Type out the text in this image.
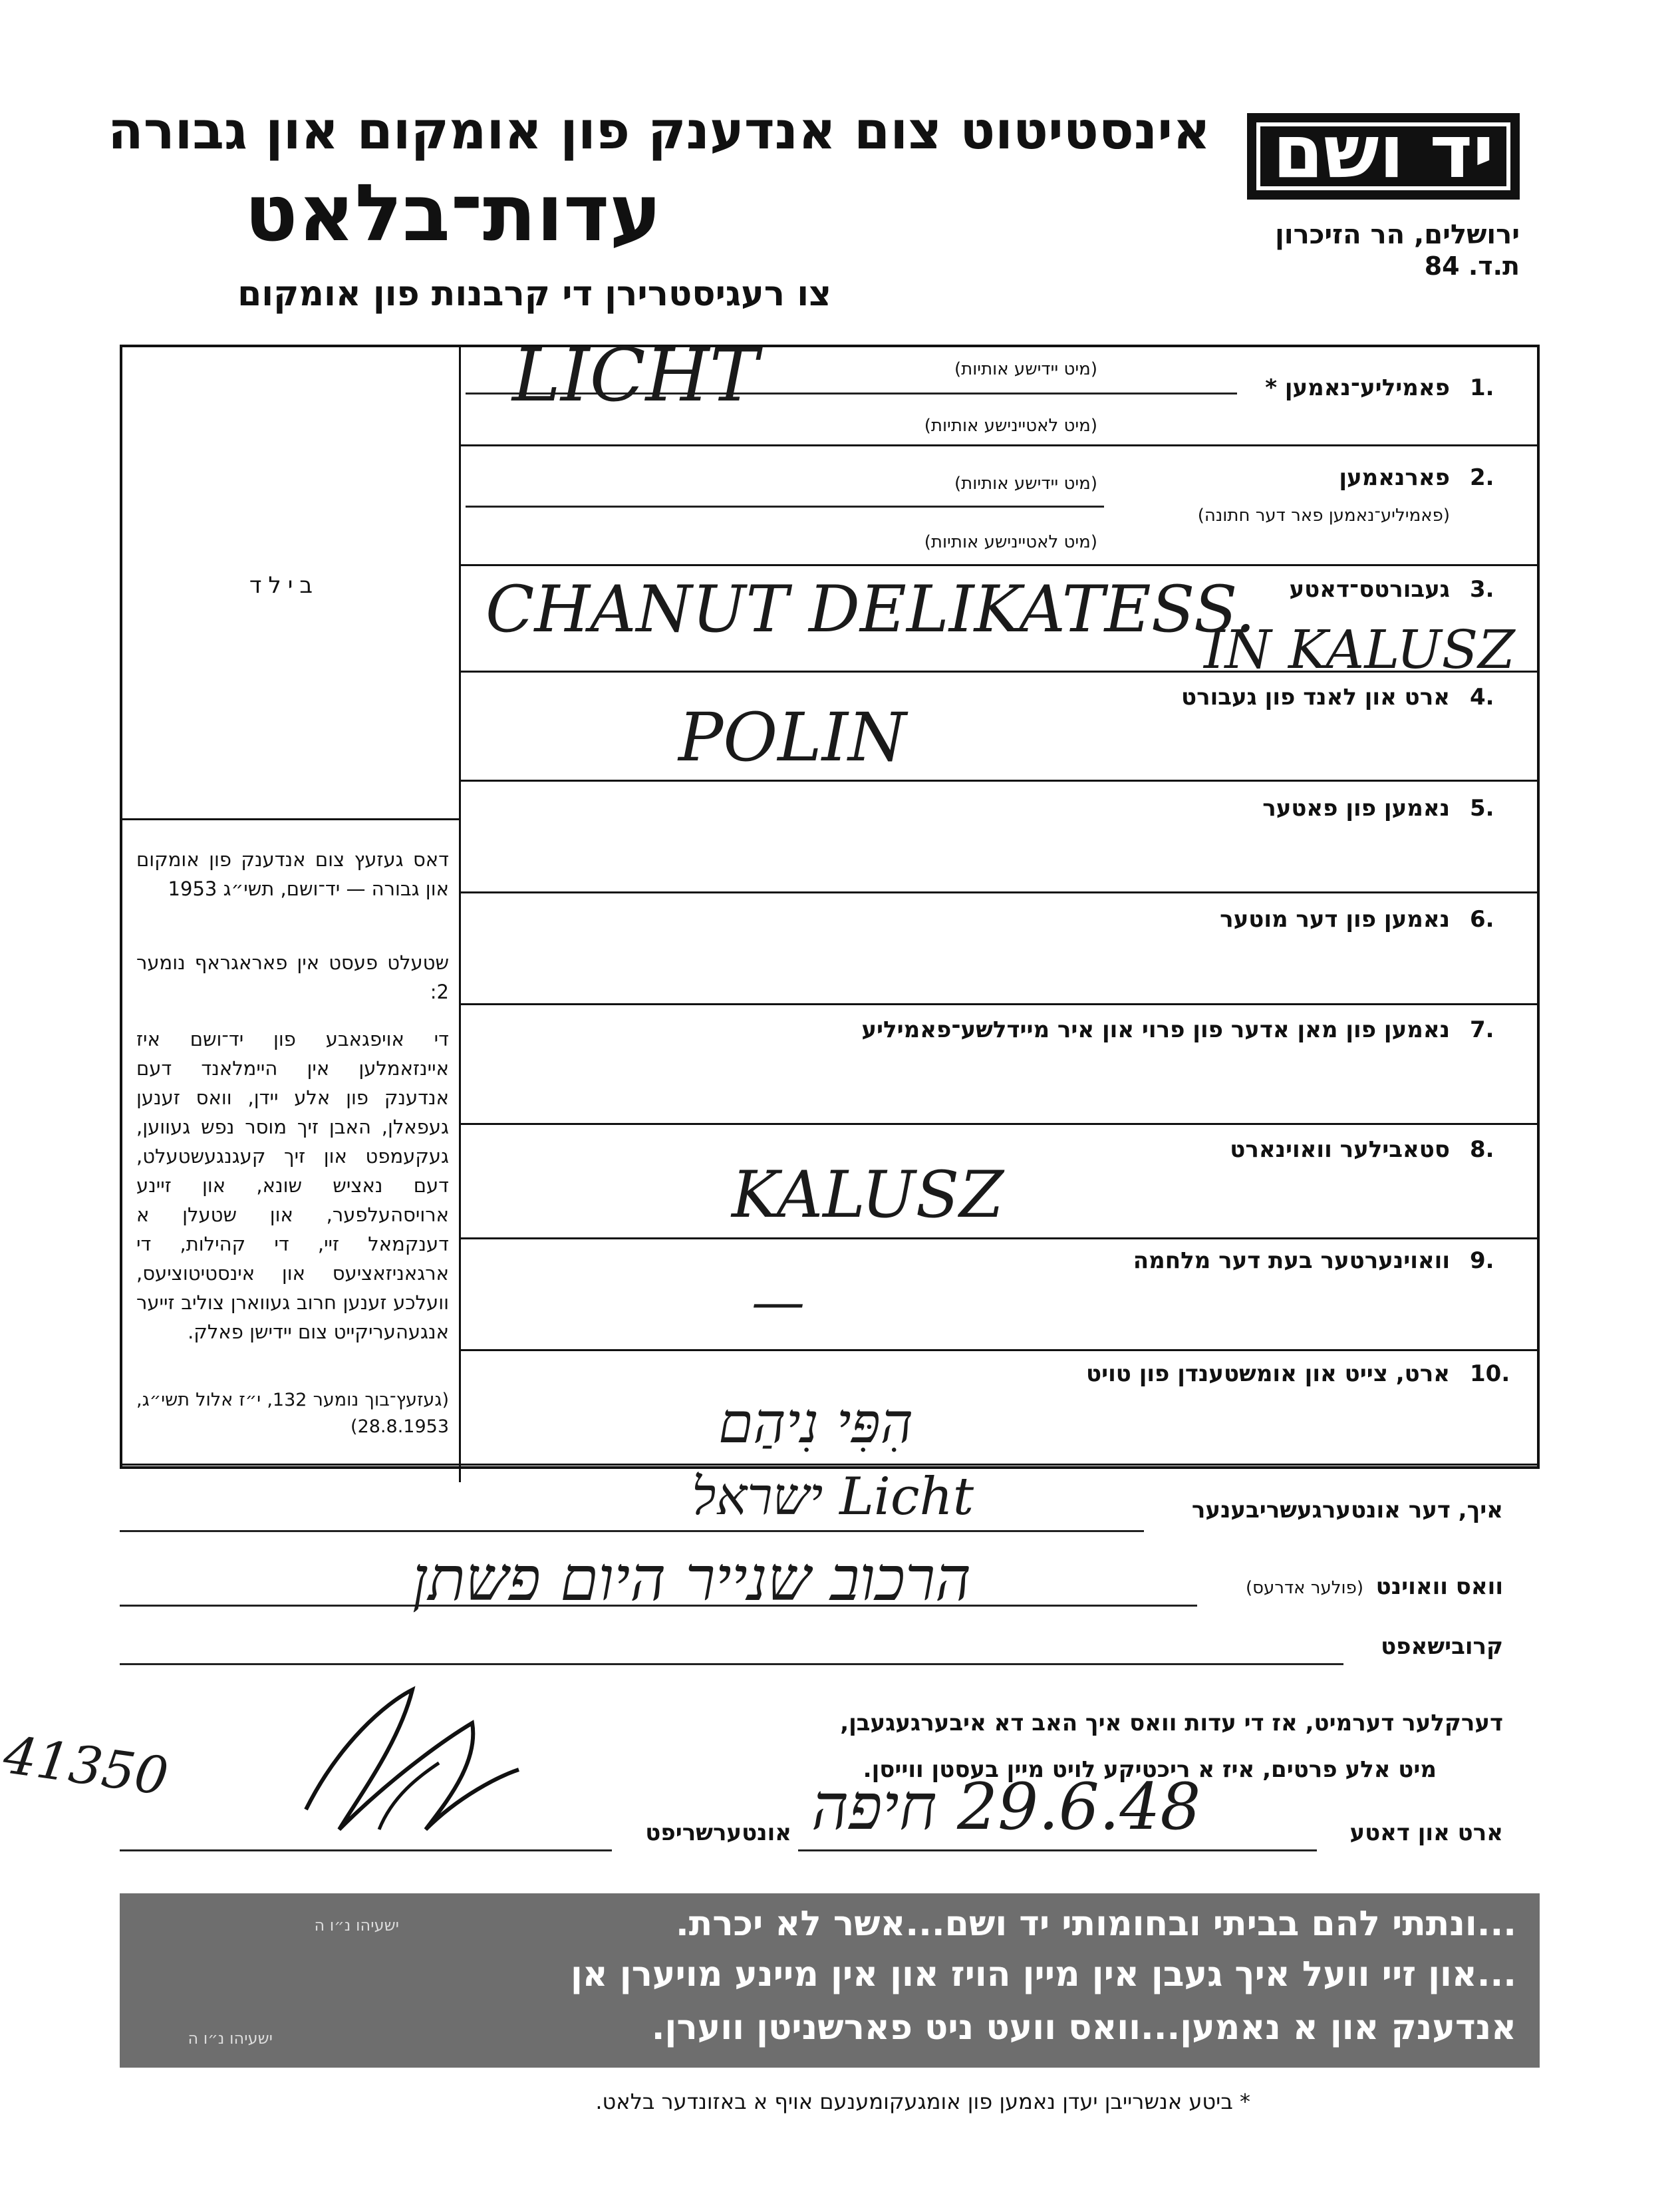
יד ושם
ירושלים, הר הזיכרון
ת.ד. 84
אינסטיטוט צום אנדענק פון אומקום און גבורה
עדות־בלאט
צו רעגיסטרירן די קרבנות פון אומקום
בילד
דאס געזעץ צום אנדענק פון אומקום און גבורה — יד־ושם, תשי״ג 1953
שטעלט פעסט אין פאראגראף נומער 2:
די אויפגאבע פון יד־ושם איז איינזאמלען אין היימלאנד דעם אנדענק פון אלע יידן, וואס זענען געפאלן, האבן זיך מוסר נפש געווען, געקעמפט און זיך קעגנגעשטעלט, דעם נאציש שונא, און זיינע ארויסהעלפער, און שטעלן א דענקמאל זיי, די קהילות, די ארגאניזאציעס און אינסטיטוציעס, וועלכע זענען חרוב געווארן צוליב זייער אנגעהעריקייט צום יידישן פאלק.
(געזעץ־בוך נומער 132, י״ז אלול תשי״ג, 28.8.1953)
1.
פאמיליע־נאמען *
(מיט יידישע אותיות)
(מיט לאטיינישע אותיות)
LICHT
2.
פארנאמען
(פאמיליע־נאמען פאר דער חתונה)
(מיט יידישע אותיות)
(מיט לאטיינישע אותיות)
3.
געבורטס־דאטע
CHANUT DELIKATESS.
IN KALUSZ
4.
ארט און לאנד פון געבורט
POLIN
5.
נאמען פון פאטער
6.
נאמען פון דער מוטער
7.
נאמען פון מאן אדער פון פרוי און איר מיידלשע־פאמיליע
8.
סטאבילער וואוינארט
KALUSZ
9.
וואוינערטער בעת דער מלחמה
—
10.
ארט, צייט און אומשטענדן פון טויט
הִפִּי נִיהַם
איך, דער אונטערגעשריבענער
ישראל Licht
וואס וואוינט
(פולער אדרעס)
הרכוב שנייר היום פשתן
קרובישאפט
דערקלער דערמיט, אז די עדות וואס איך האב דא איבערגעגעבן,
מיט אלע פרטים, איז א ריכטיקע לויט מיין בעסטן ווייסן.
ארט און דאטע
29.6.48 חיפה
אונטערשריפט
41350
...ונתתי להם בביתי ובחומותי יד ושם...אשר לא יכרת.
ישעיהו נ״ו ה
...און זיי וועל איך געבן אין מיין הויז און אין מיינע מויערן אן
אנדענק און א נאמען...וואס וועט ניט פארשניטן ווערן.
ישעיהו נ״ו ה
* ביטע אנשרייבן יעדן נאמען פון אומגעקומענעם אויף א באזונדער בלאט.
